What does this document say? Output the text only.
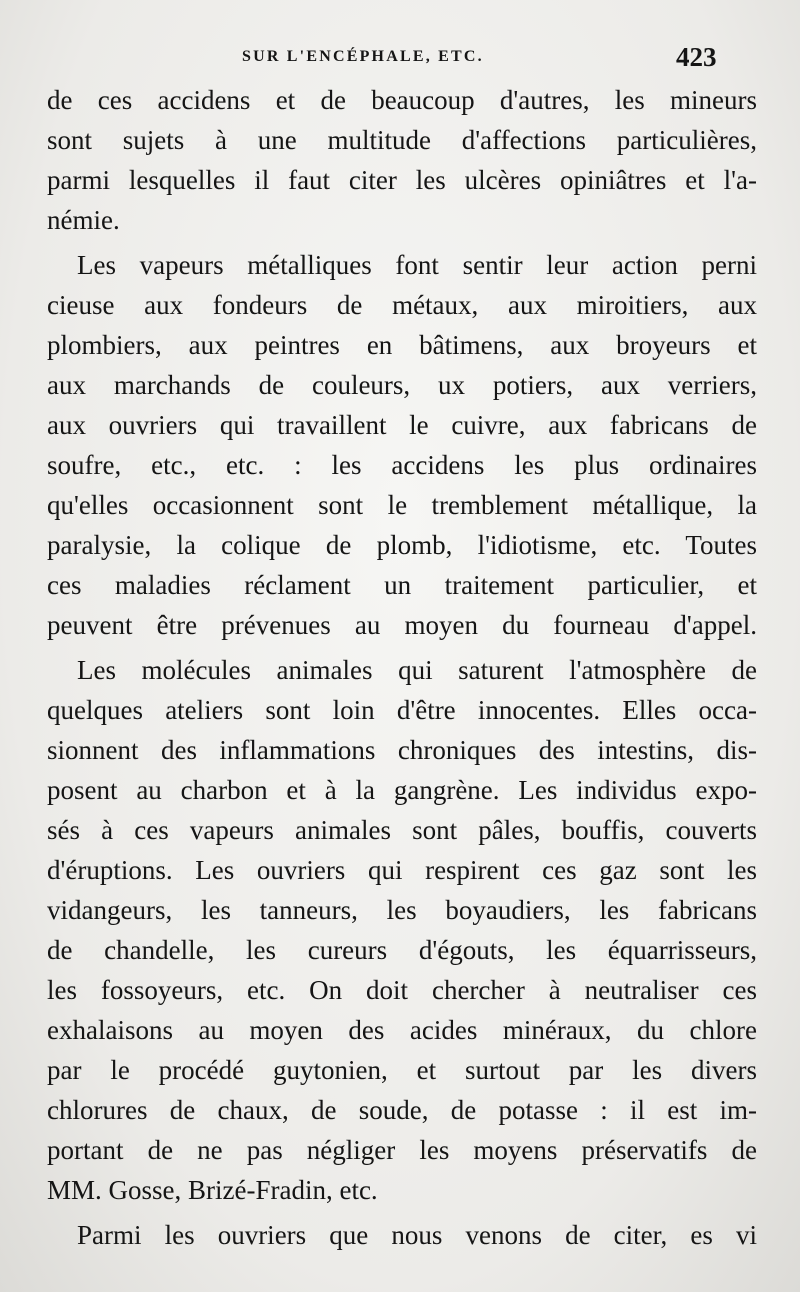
SUR L'ENCÉPHALE, ETC.	423
de ces accidens et de beaucoup d'autres, les mineurs
sont sujets à une multitude d'affections particulières,
parmi lesquelles il faut citer les ulcères opiniâtres et l'a-
némie.
Les vapeurs métalliques font sentir leur action perni
cieuse aux fondeurs de métaux, aux miroitiers, aux
plombiers, aux peintres en bâtimens, aux broyeurs et
aux marchands de couleurs, ux potiers, aux verriers,
aux ouvriers qui travaillent le cuivre, aux fabricans de
soufre, etc., etc. : les accidens les plus ordinaires
qu'elles occasionnent sont le tremblement métallique, la
paralysie, la colique de plomb, l'idiotisme, etc. Toutes
ces maladies réclament un traitement particulier, et
peuvent être prévenues au moyen du fourneau d'appel.
Les molécules animales qui saturent l'atmosphère de
quelques ateliers sont loin d'être innocentes. Elles occa-
sionnent des inflammations chroniques des intestins, dis-
posent au charbon et à la gangrène. Les individus expo-
sés à ces vapeurs animales sont pâles, bouffis, couverts
d'éruptions. Les ouvriers qui respirent ces gaz sont les
vidangeurs, les tanneurs, les boyaudiers, les fabricans
de chandelle, les cureurs d'égouts, les équarrisseurs,
les fossoyeurs, etc. On doit chercher à neutraliser ces
exhalaisons au moyen des acides minéraux, du chlore
par le procédé guytonien, et surtout par les divers
chlorures de chaux, de soude, de potasse : il est im-
portant de ne pas négliger les moyens préservatifs de
MM. Gosse, Brizé-Fradin, etc.
Parmi les ouvriers que nous venons de citer, es vi
